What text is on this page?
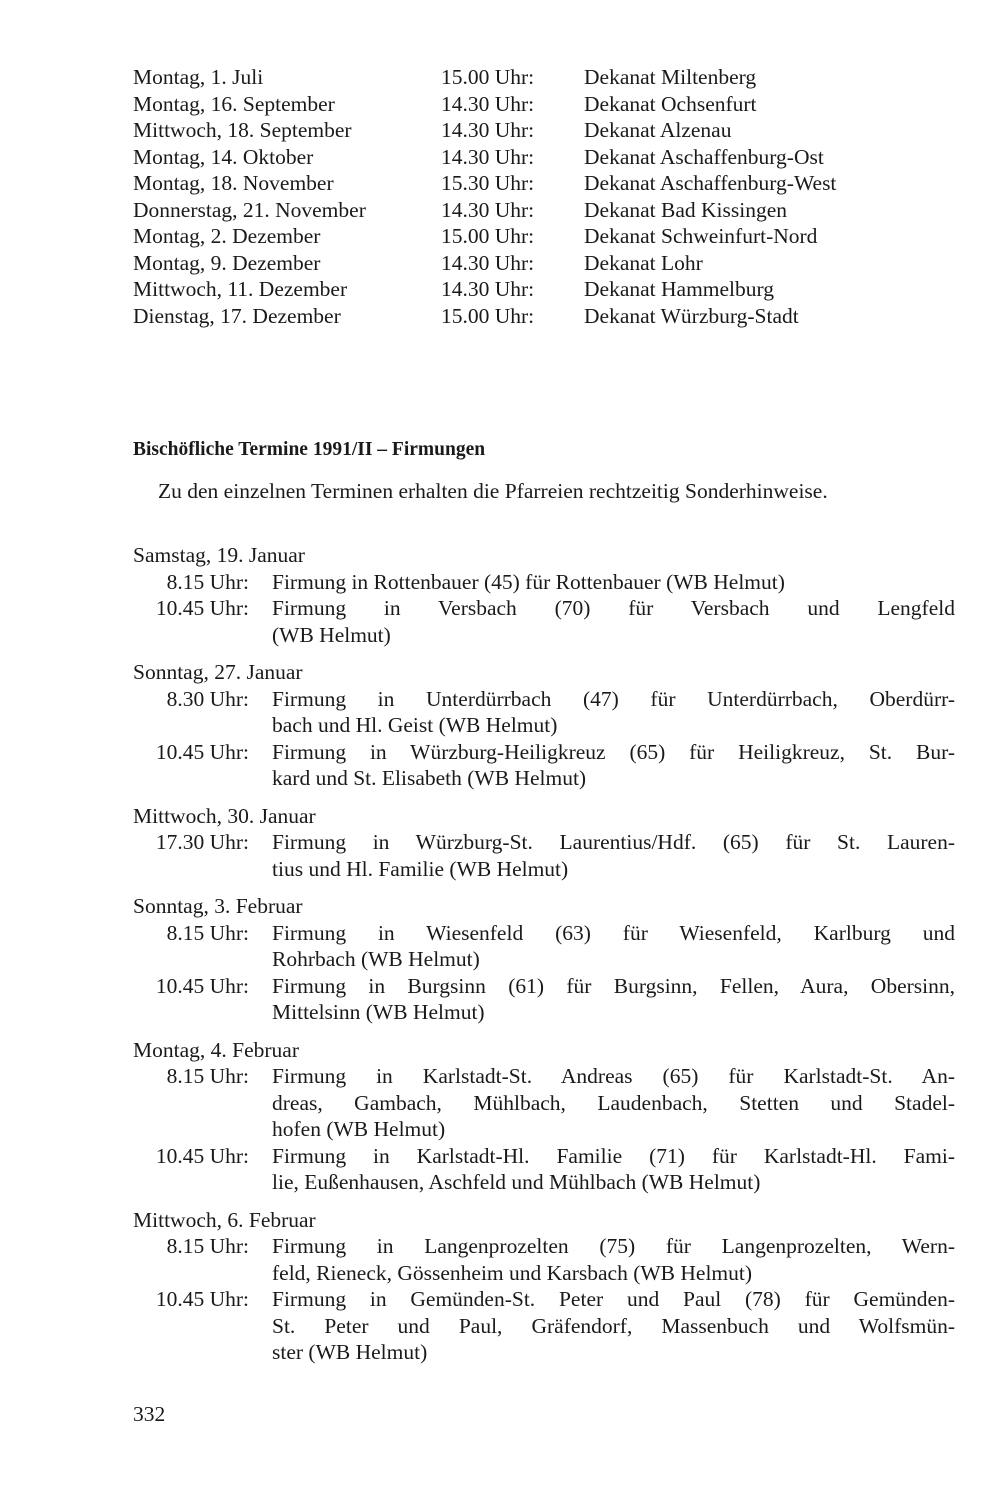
Montag, 1. Juli	15.00 Uhr: Dekanat Miltenberg
Montag, 16. September	14.30 Uhr: Dekanat Ochsenfurt
Mittwoch, 18. September	14.30 Uhr: Dekanat Alzenau
Montag, 14. Oktober	14.30 Uhr: Dekanat Aschaffenburg-Ost
Montag, 18. November	15.30 Uhr: Dekanat Aschaffenburg-West
Donnerstag, 21. November	14.30 Uhr: Dekanat Bad Kissingen
Montag, 2. Dezember	15.00 Uhr: Dekanat Schweinfurt-Nord
Montag, 9. Dezember	14.30 Uhr: Dekanat Lohr
Mittwoch, 11. Dezember	14.30 Uhr: Dekanat Hammelburg
Dienstag, 17. Dezember	15.00 Uhr: Dekanat Würzburg-Stadt
Bischöfliche Termine 1991/II – Firmungen
Zu den einzelnen Terminen erhalten die Pfarreien rechtzeitig Sonderhinweise.
Samstag, 19. Januar
8.15 Uhr: Firmung in Rottenbauer (45) für Rottenbauer (WB Helmut)
10.45 Uhr: Firmung in Versbach (70) für Versbach und Lengfeld
(WB Helmut)
Sonntag, 27. Januar
8.30 Uhr: Firmung in Unterdürrbach (47) für Unterdürrbach, Oberdürr-
bach und Hl. Geist (WB Helmut)
10.45 Uhr: Firmung in Würzburg-Heiligkreuz (65) für Heiligkreuz, St. Bur-
kard und St. Elisabeth (WB Helmut)
Mittwoch, 30. Januar
17.30 Uhr: Firmung in Würzburg-St. Laurentius/Hdf. (65) für St. Lauren-
tius und Hl. Familie (WB Helmut)
Sonntag, 3. Februar
8.15 Uhr: Firmung in Wiesenfeld (63) für Wiesenfeld, Karlburg und
Rohrbach (WB Helmut)
10.45 Uhr: Firmung in Burgsinn (61) für Burgsinn, Fellen, Aura, Obersinn,
Mittelsinn (WB Helmut)
Montag, 4. Februar
8.15 Uhr: Firmung in Karlstadt-St. Andreas (65) für Karlstadt-St. An-
dreas, Gambach, Mühlbach, Laudenbach, Stetten und Stadel-
hofen (WB Helmut)
10.45 Uhr: Firmung in Karlstadt-Hl. Familie (71) für Karlstadt-Hl. Fami-
lie, Eußenhausen, Aschfeld und Mühlbach (WB Helmut)
Mittwoch, 6. Februar
8.15 Uhr: Firmung in Langenprozelten (75) für Langenprozelten, Wern-
feld, Rieneck, Gössenheim und Karsbach (WB Helmut)
10.45 Uhr: Firmung in Gemünden-St. Peter und Paul (78) für Gemünden-
St. Peter und Paul, Gräfendorf, Massenbuch und Wolfsmün-
ster (WB Helmut)
332
